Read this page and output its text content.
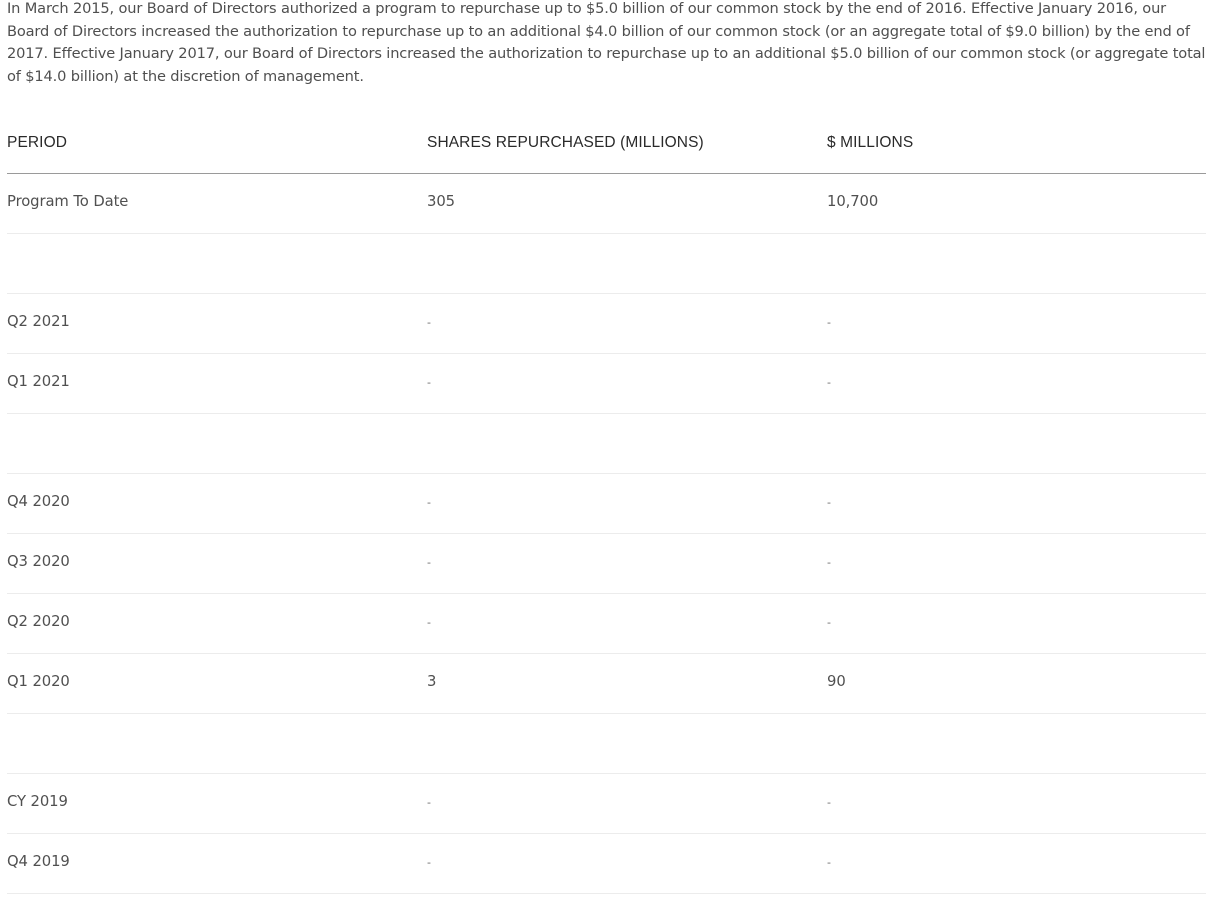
In March 2015, our Board of Directors authorized a program to repurchase up to $5.0 billion of our common stock by the end of 2016. Effective January 2016, our Board of Directors increased the authorization to repurchase up to an additional $4.0 billion of our common stock (or an aggregate total of $9.0 billion) by the end of 2017. Effective January 2017, our Board of Directors increased the authorization to repurchase up to an additional $5.0 billion of our common stock (or aggregate total of $14.0 billion) at the discretion of management.

PERIOD	SHARES REPURCHASED (MILLIONS)	$ MILLIONS
Program To Date	305	10,700
Q2 2021	-	-
Q1 2021	-	-
Q4 2020	-	-
Q3 2020	-	-
Q2 2020	-	-
Q1 2020	3	90
CY 2019	-	-
Q4 2019	-	-
